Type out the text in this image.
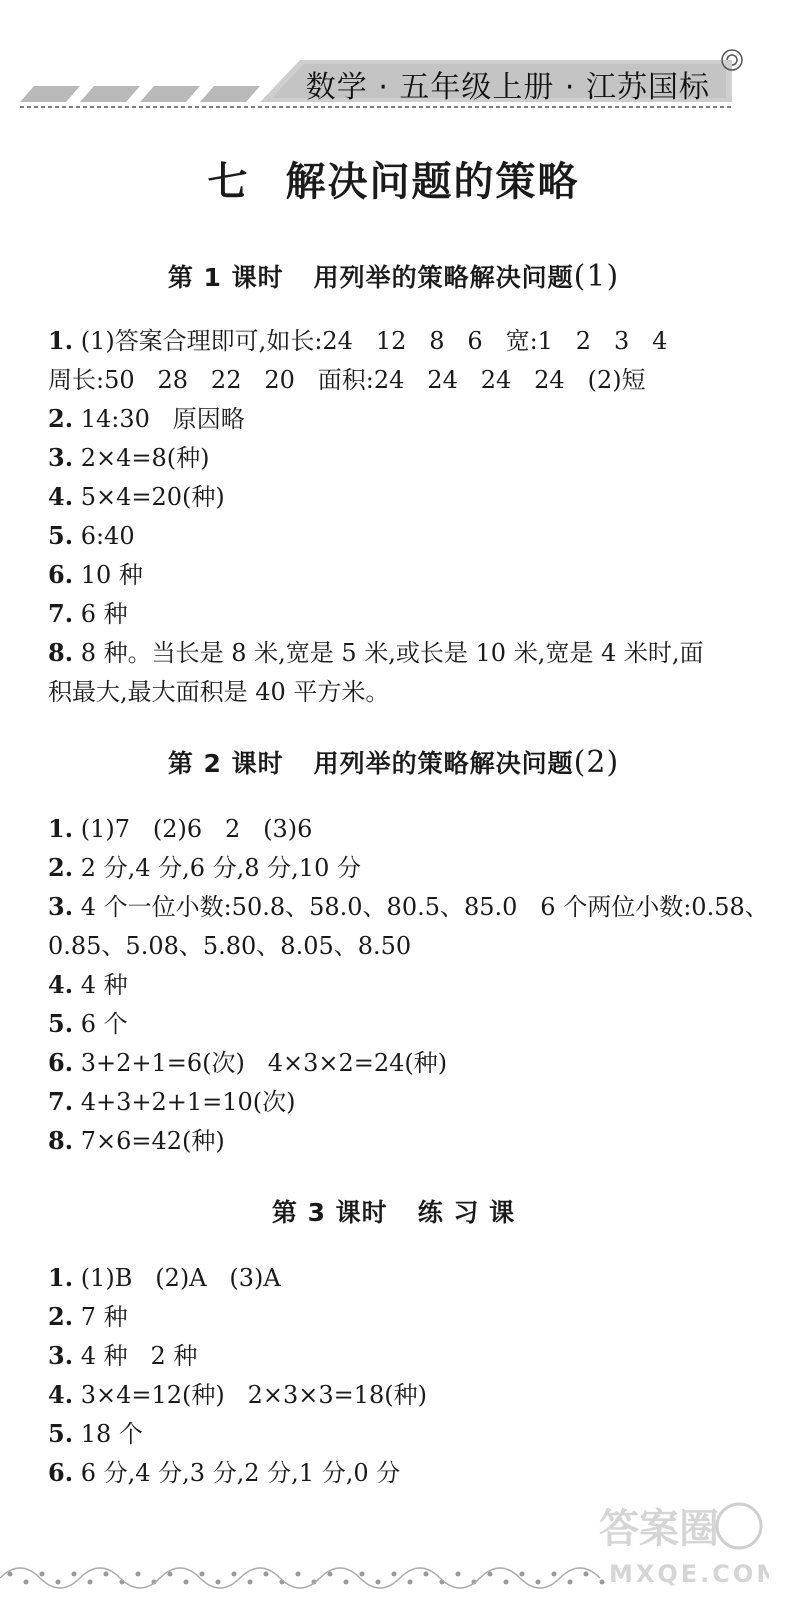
数学 · 五年级上册 · 江苏国标
七 解决问题的策略
第 1 课时 用列举的策略解决问题(1)
1. (1)答案合理即可,如长:24   12   8   6   宽:1   2   3   4
周长:50   28   22   20   面积:24   24   24   24   (2)短
2. 14:30   原因略
3. 2×4=8(种)
4. 5×4=20(种)
5. 6:40
6. 10 种
7. 6 种
8. 8 种。当长是 8 米,宽是 5 米,或长是 10 米,宽是 4 米时,面
积最大,最大面积是 40 平方米。
第 2 课时 用列举的策略解决问题(2)
1. (1)7   (2)6   2   (3)6
2. 2 分,4 分,6 分,8 分,10 分
3. 4 个一位小数:50.8、58.0、80.5、85.0   6 个两位小数:0.58、
0.85、5.08、5.80、8.05、8.50
4. 4 种
5. 6 个
6. 3+2+1=6(次)   4×3×2=24(种)
7. 4+3+2+1=10(次)
8. 7×6=42(种)
第 3 课时 练 习 课
1. (1)B   (2)A   (3)A
2. 7 种
3. 4 种   2 种
4. 3×4=12(种)   2×3×3=18(种)
5. 18 个
6. 6 分,4 分,3 分,2 分,1 分,0 分
答案圈
MXQE.COM
